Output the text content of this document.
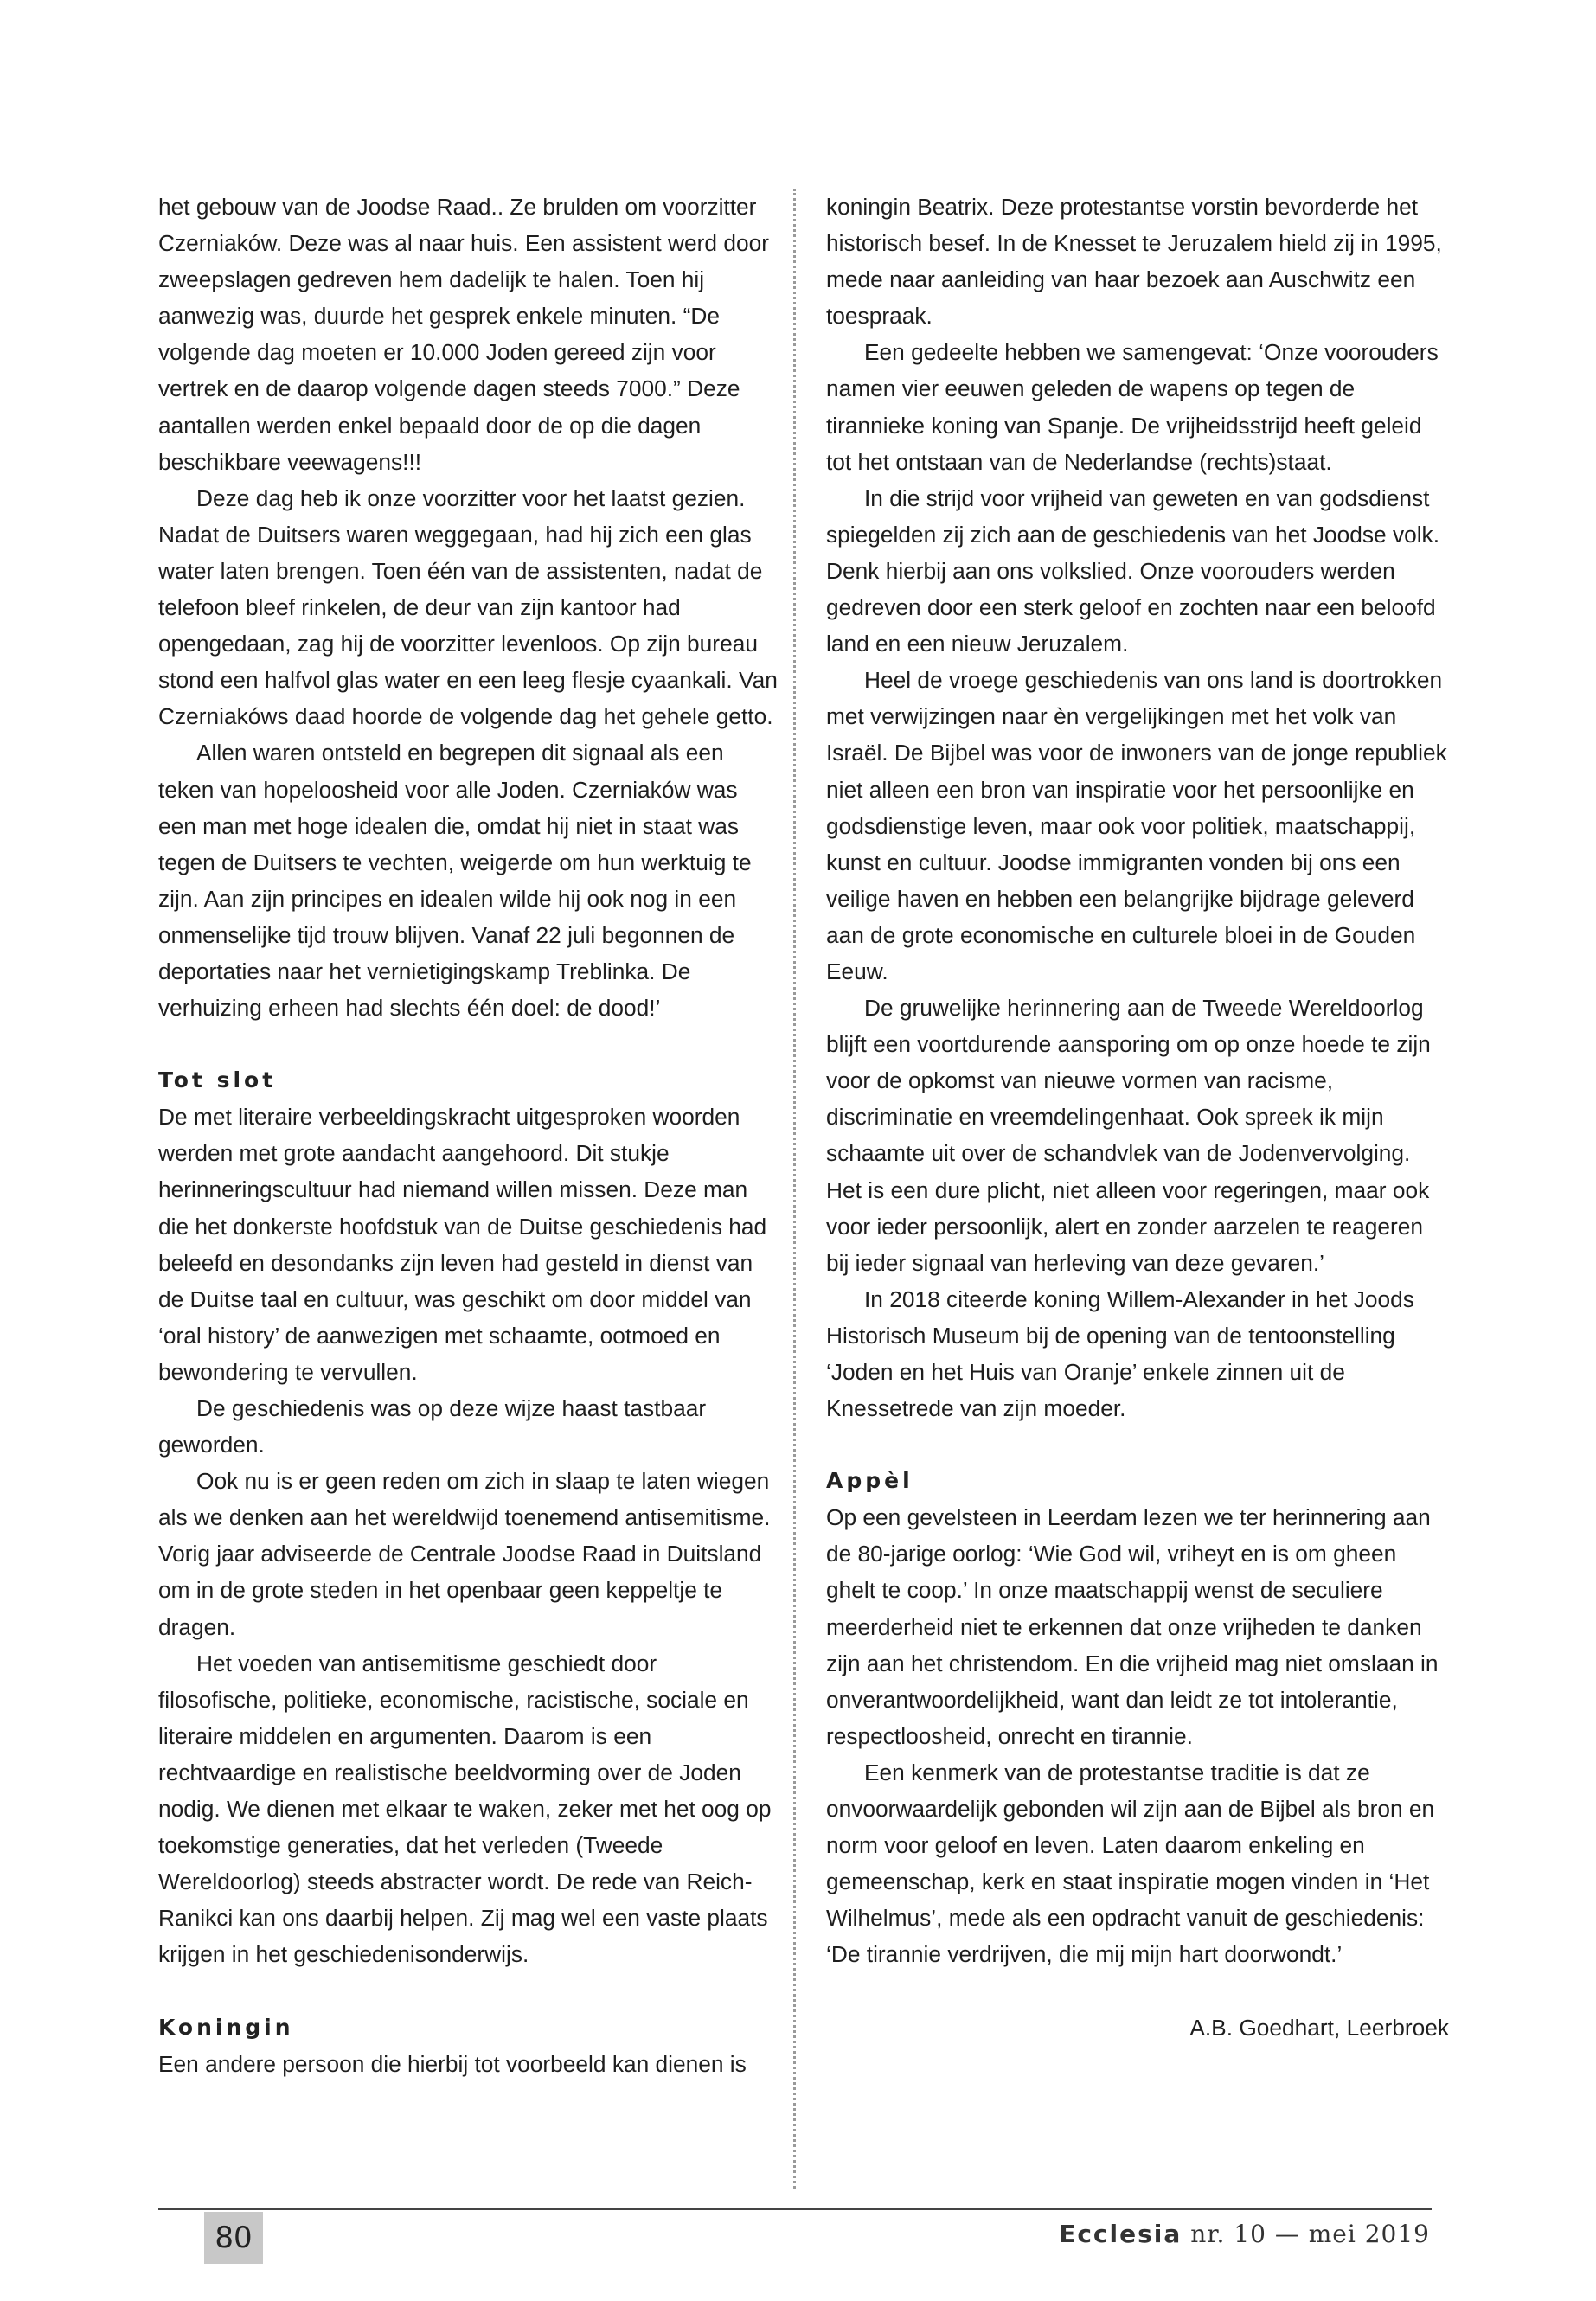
het gebouw van de Joodse Raad.. Ze brulden om voorzitter Czerniaków. Deze was al naar huis. Een assistent werd door zweepslagen gedreven hem dadelijk te halen. Toen hij aanwezig was, duurde het gesprek enkele minuten. “De volgende dag moeten er 10.000 Joden gereed zijn voor vertrek en de daarop volgende dagen steeds 7000.” Deze aantallen werden enkel bepaald door de op die dagen beschikbare veewagens!!!

Deze dag heb ik onze voorzitter voor het laatst gezien. Nadat de Duitsers waren weggegaan, had hij zich een glas water laten brengen. Toen één van de assistenten, nadat de telefoon bleef rinkelen, de deur van zijn kantoor had opengedaan, zag hij de voorzitter levenloos. Op zijn bureau stond een halfvol glas water en een leeg flesje cyaankali. Van Czerniakóws daad hoorde de volgende dag het gehele getto.

Allen waren ontsteld en begrepen dit signaal als een teken van hopeloosheid voor alle Joden. Czerniaków was een man met hoge idealen die, omdat hij niet in staat was tegen de Duitsers te vechten, weigerde om hun werktuig te zijn. Aan zijn principes en idealen wilde hij ook nog in een onmenselijke tijd trouw blijven. Vanaf 22 juli begonnen de deportaties naar het vernietigingskamp Treblinka. De verhuizing erheen had slechts één doel: de dood!’

Tot slot

De met literaire verbeeldingskracht uitgesproken woorden werden met grote aandacht aangehoord. Dit stukje herinneringscultuur had niemand willen missen. Deze man die het donkerste hoofdstuk van de Duitse geschiedenis had beleefd en desondanks zijn leven had gesteld in dienst van de Duitse taal en cultuur, was geschikt om door middel van ‘oral history’ de aanwezigen met schaamte, ootmoed en bewondering te vervullen.

De geschiedenis was op deze wijze haast tastbaar geworden.

Ook nu is er geen reden om zich in slaap te laten wiegen als we denken aan het wereldwijd toenemend antisemitisme. Vorig jaar adviseerde de Centrale Joodse Raad in Duitsland om in de grote steden in het openbaar geen keppeltje te dragen.

Het voeden van antisemitisme geschiedt door filosofische, politieke, economische, racistische, sociale en literaire middelen en argumenten. Daarom is een rechtvaardige en realistische beeldvorming over de Joden nodig. We dienen met elkaar te waken, zeker met het oog op toekomstige generaties, dat het verleden (Tweede Wereldoorlog) steeds abstracter wordt. De rede van Reich-Ranikci kan ons daarbij helpen. Zij mag wel een vaste plaats krijgen in het geschiedenisonderwijs.

Koningin

Een andere persoon die hierbij tot voorbeeld kan dienen is

koningin Beatrix. Deze protestantse vorstin bevorderde het historisch besef. In de Knesset te Jeruzalem hield zij in 1995, mede naar aanleiding van haar bezoek aan Auschwitz een toespraak.

Een gedeelte hebben we samengevat: ‘Onze voorouders namen vier eeuwen geleden de wapens op tegen de tirannieke koning van Spanje. De vrijheidsstrijd heeft geleid tot het ontstaan van de Nederlandse (rechts)staat.

In die strijd voor vrijheid van geweten en van godsdienst spiegelden zij zich aan de geschiedenis van het Joodse volk. Denk hierbij aan ons volkslied. Onze voorouders werden gedreven door een sterk geloof en zochten naar een beloofd land en een nieuw Jeruzalem.

Heel de vroege geschiedenis van ons land is doortrokken met verwijzingen naar èn vergelijkingen met het volk van Israël. De Bijbel was voor de inwoners van de jonge republiek niet alleen een bron van inspiratie voor het persoonlijke en godsdienstige leven, maar ook voor politiek, maatschappij, kunst en cultuur. Joodse immigranten vonden bij ons een veilige haven en hebben een belangrijke bijdrage geleverd aan de grote economische en culturele bloei in de Gouden Eeuw.

De gruwelijke herinnering aan de Tweede Wereldoorlog blijft een voortdurende aansporing om op onze hoede te zijn voor de opkomst van nieuwe vormen van racisme, discriminatie en vreemdelingenhaat. Ook spreek ik mijn schaamte uit over de schandvlek van de Jodenvervolging. Het is een dure plicht, niet alleen voor regeringen, maar ook voor ieder persoonlijk, alert en zonder aarzelen te reageren bij ieder signaal van herleving van deze gevaren.’

In 2018 citeerde koning Willem-Alexander in het Joods Historisch Museum bij de opening van de tentoonstelling ‘Joden en het Huis van Oranje’ enkele zinnen uit de Knessetrede van zijn moeder.

Appèl

Op een gevelsteen in Leerdam lezen we ter herinnering aan de 80-jarige oorlog: ‘Wie God wil, vriheyt en is om gheen ghelt te coop.’ In onze maatschappij wenst de seculiere meerderheid niet te erkennen dat onze vrijheden te danken zijn aan het christendom. En die vrijheid mag niet omslaan in onverantwoordelijkheid, want dan leidt ze tot intolerantie, respectloosheid, onrecht en tirannie.

Een kenmerk van de protestantse traditie is dat ze onvoorwaardelijk gebonden wil zijn aan de Bijbel als bron en norm voor geloof en leven. Laten daarom enkeling en gemeenschap, kerk en staat inspiratie mogen vinden in ‘Het Wilhelmus’, mede als een opdracht vanuit de geschiedenis: ‘De tirannie verdrijven, die mij mijn hart doorwondt.’

A.B. Goedhart, Leerbroek

80	Ecclesia nr. 10 — mei 2019
